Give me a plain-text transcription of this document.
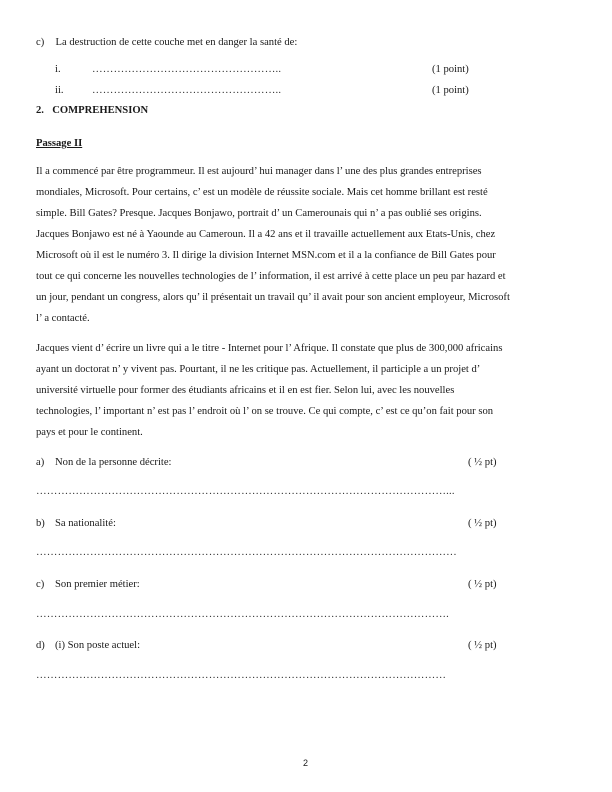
c) La destruction de cette couche met en danger la santé de:
i.	……………………………………………..	(1 point)
ii.	……………………………………………..	(1 point)
2. COMPREHENSION
Passage II

Il a commencé par être programmeur. Il est aujourd’ hui manager dans l’ une des plus grandes entreprises

mondiales, Microsoft. Pour certains, c’ est un modèle de réussite sociale. Mais cet homme brillant est resté

simple. Bill Gates? Presque. Jacques Bonjawo, portrait d’ un Camerounais qui n’ a pas oublié ses origins.

Jacques Bonjawo est né à Yaounde au Cameroun. Il a 42 ans et il travaille actuellement aux Etats-Unis, chez

Microsoft où il est le numéro 3. Il dirige la division Internet MSN.com et il a la confiance de Bill Gates pour

tout ce qui concerne les nouvelles technologies de l’ information, il est arrivé à cette place un peu par hazard et

un jour, pendant un congress, alors qu’ il présentait un travail qu’ il avait pour son ancient employeur, Microsoft

l’ a contacté.

Jacques vient d’ écrire un livre qui a le titre - Internet pour l’ Afrique. Il constate que plus de 300,000 africains

ayant un doctorat n’ y vivent pas. Pourtant, il ne les critique pas. Actuellement, il participle a un projet d’

université virtuelle pour former des étudiants africains et il en est fier. Selon lui, avec les nouvelles

technologies, l’ important n’ est pas l’ endroit où l’ on se trouve. Ce qui compte, c’ est ce qu’on fait pour son

pays et pour le continent.

a) Non de la personne décrite:	( ½ pt)
……………………………………………………………………………………………………...
b) Sa nationalité:	( ½ pt)
………………………………………………………………………………………………………
c) Son premier métier:	( ½ pt)
…………………………………………………………………………………………………….
d) (i) Son poste actuel:	( ½ pt)
……………………………………………………………………………………………………
2
